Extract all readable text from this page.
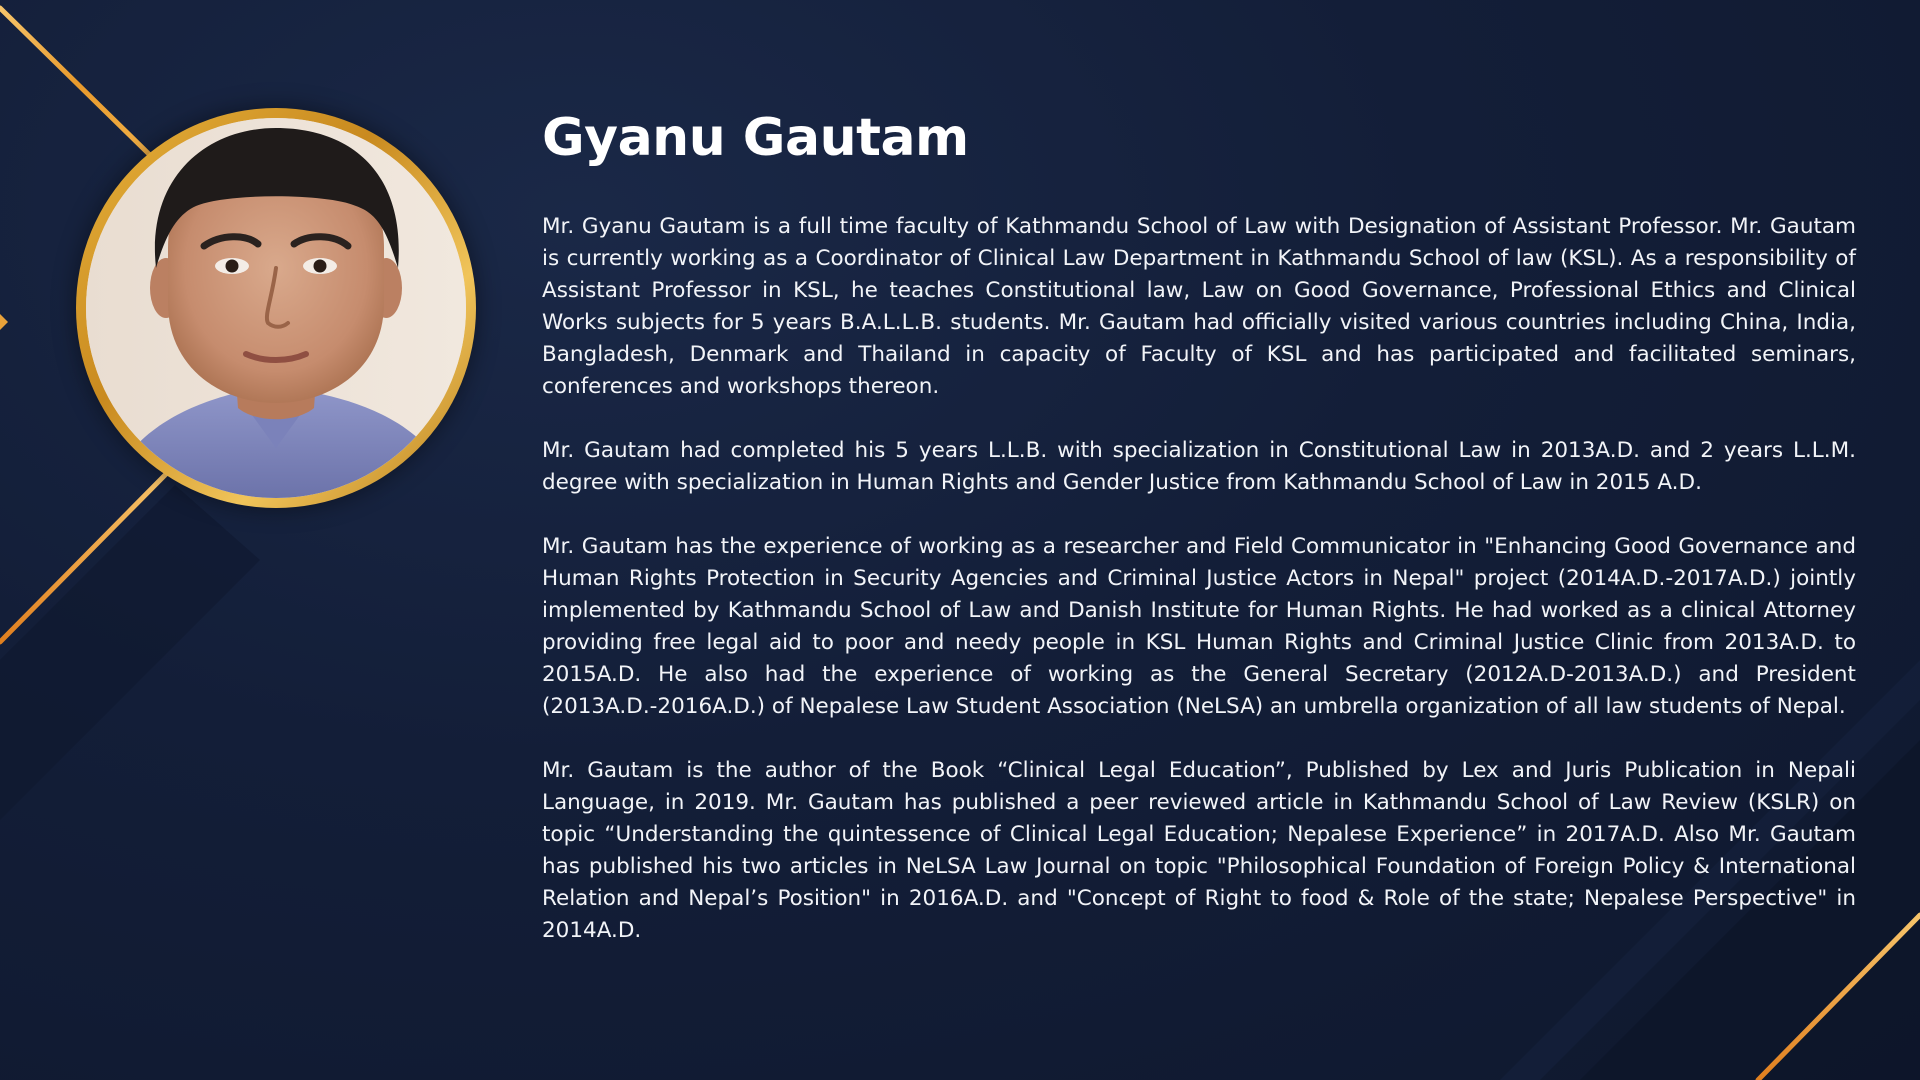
Gyanu Gautam

Mr. Gyanu Gautam is a full time faculty of Kathmandu School of Law with Designation of Assistant Professor. Mr. Gautam is currently working as a Coordinator of Clinical Law Department in Kathmandu School of law (KSL). As a responsibility of Assistant Professor in KSL, he teaches Constitutional law, Law on Good Governance, Professional Ethics and Clinical Works subjects for 5 years B.A.L.L.B. students. Mr. Gautam had officially visited various countries including China, India, Bangladesh, Denmark and Thailand in capacity of Faculty of KSL and has participated and facilitated seminars, conferences and workshops thereon.

Mr. Gautam had completed his 5 years L.L.B. with specialization in Constitutional Law in 2013A.D. and 2 years L.L.M. degree with specialization in Human Rights and Gender Justice from Kathmandu School of Law in 2015 A.D.

Mr. Gautam has the experience of working as a researcher and Field Communicator in "Enhancing Good Governance and Human Rights Protection in Security Agencies and Criminal Justice Actors in Nepal" project (2014A.D.-2017A.D.) jointly implemented by Kathmandu School of Law and Danish Institute for Human Rights. He had worked as a clinical Attorney providing free legal aid to poor and needy people in KSL Human Rights and Criminal Justice Clinic from 2013A.D. to 2015A.D. He also had the experience of working as the General Secretary (2012A.D-2013A.D.) and President (2013A.D.-2016A.D.) of Nepalese Law Student Association (NeLSA) an umbrella organization of all law students of Nepal.

Mr. Gautam is the author of the Book “Clinical Legal Education”, Published by Lex and Juris Publication in Nepali Language, in 2019. Mr. Gautam has published a peer reviewed article in Kathmandu School of Law Review (KSLR) on topic “Understanding the quintessence of Clinical Legal Education; Nepalese Experience” in 2017A.D. Also Mr. Gautam has published his two articles in NeLSA Law Journal on topic "Philosophical Foundation of Foreign Policy & International Relation and Nepal’s Position" in 2016A.D. and "Concept of Right to food & Role of the state; Nepalese Perspective" in 2014A.D.
